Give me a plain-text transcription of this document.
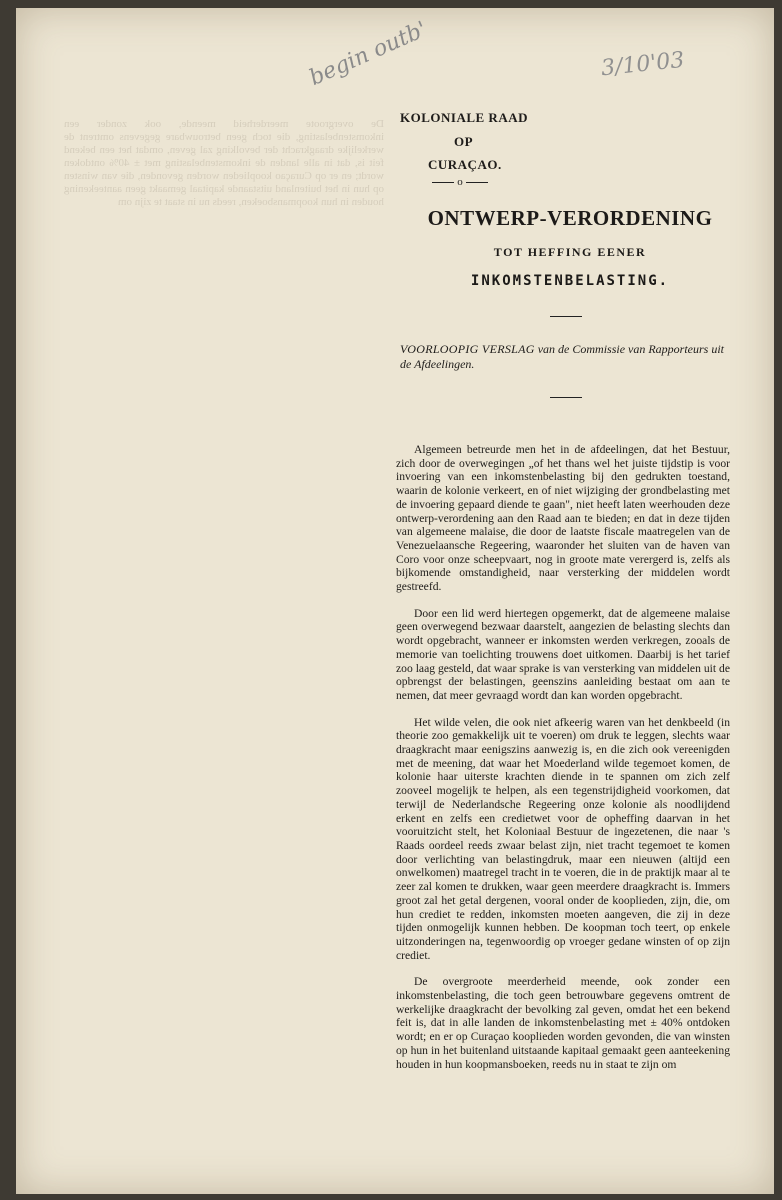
De overgroote meerderheid meende, ook zonder een inkomstenbelasting, die toch geen betrouwbare gegevens omtrent de werkelijke draagkracht der bevolking zal geven, omdat het een bekend feit is, dat in alle landen de inkomstenbelasting met ± 40% ontdoken wordt; en er op Curaçao kooplieden worden gevonden, die van winsten op hun in het buitenland uitstaande kapitaal gemaakt geen aanteekening houden in hun koopmansboeken, reeds nu in staat te zijn om
begin outb'	3/10'03
KOLONIALE RAAD
OP
CURAÇAO.
o
ONTWERP-VERORDENING
TOT HEFFING EENER
INKOMSTENBELASTING.
VOORLOOPIG VERSLAG van de Commissie van Rapporteurs uit de Afdeelingen.

Algemeen betreurde men het in de afdeelingen, dat het Bestuur, zich door de overwegingen „of het thans wel het juiste tijdstip is voor invoering van een inkomstenbelasting bij den gedrukten toestand, waarin de kolonie verkeert, en of niet wijziging der grondbelasting met de invoering gepaard diende te gaan", niet heeft laten weerhouden deze ontwerp-verordening aan den Raad aan te bieden; en dat in deze tijden van algemeene malaise, die door de laatste fiscale maatregelen van de Venezuelaansche Regeering, waaronder het sluiten van de haven van Coro voor onze scheepvaart, nog in groote mate verergerd is, zelfs als bijkomende omstandigheid, naar versterking der middelen wordt gestreefd.

Door een lid werd hiertegen opgemerkt, dat de algemeene malaise geen overwegend bezwaar daarstelt, aangezien de belasting slechts dan wordt opgebracht, wanneer er inkomsten werden verkregen, zooals de memorie van toelichting trouwens doet uitkomen. Daarbij is het tarief zoo laag gesteld, dat waar sprake is van versterking van middelen uit de opbrengst der belastingen, geenszins aanleiding bestaat om aan te nemen, dat meer gevraagd wordt dan kan worden opgebracht.

Het wilde velen, die ook niet afkeerig waren van het denkbeeld (in theorie zoo gemakkelijk uit te voeren) om druk te leggen, slechts waar draagkracht maar eenigszins aanwezig is, en die zich ook vereenigden met de meening, dat waar het Moederland wilde tegemoet komen, de kolonie haar uiterste krachten diende in te spannen om zich zelf zooveel mogelijk te helpen, als een tegenstrijdigheid voorkomen, dat terwijl de Nederlandsche Regeering onze kolonie als noodlijdend erkent en zelfs een credietwet voor de opheffing daarvan in het vooruitzicht stelt, het Koloniaal Bestuur de ingezetenen, die naar 's Raads oordeel reeds zwaar belast zijn, niet tracht tegemoet te komen door verlichting van belastingdruk, maar een nieuwen (altijd een onwelkomen) maatregel tracht in te voeren, die in de praktijk maar al te zeer zal komen te drukken, waar geen meerdere draagkracht is. Immers groot zal het getal dergenen, vooral onder de kooplieden, zijn, die, om hun crediet te redden, inkomsten moeten aangeven, die zij in deze tijden onmogelijk kunnen hebben. De koopman toch teert, op enkele uitzonderingen na, tegenwoordig op vroeger gedane winsten of op zijn crediet.

De overgroote meerderheid meende, ook zonder een inkomstenbelasting, die toch geen betrouwbare gegevens omtrent de werkelijke draagkracht der bevolking zal geven, omdat het een bekend feit is, dat in alle landen de inkomstenbelasting met ± 40% ontdoken wordt; en er op Curaçao kooplieden worden gevonden, die van winsten op hun in het buitenland uitstaande kapitaal gemaakt geen aanteekening houden in hun koopmansboeken, reeds nu in staat te zijn om
